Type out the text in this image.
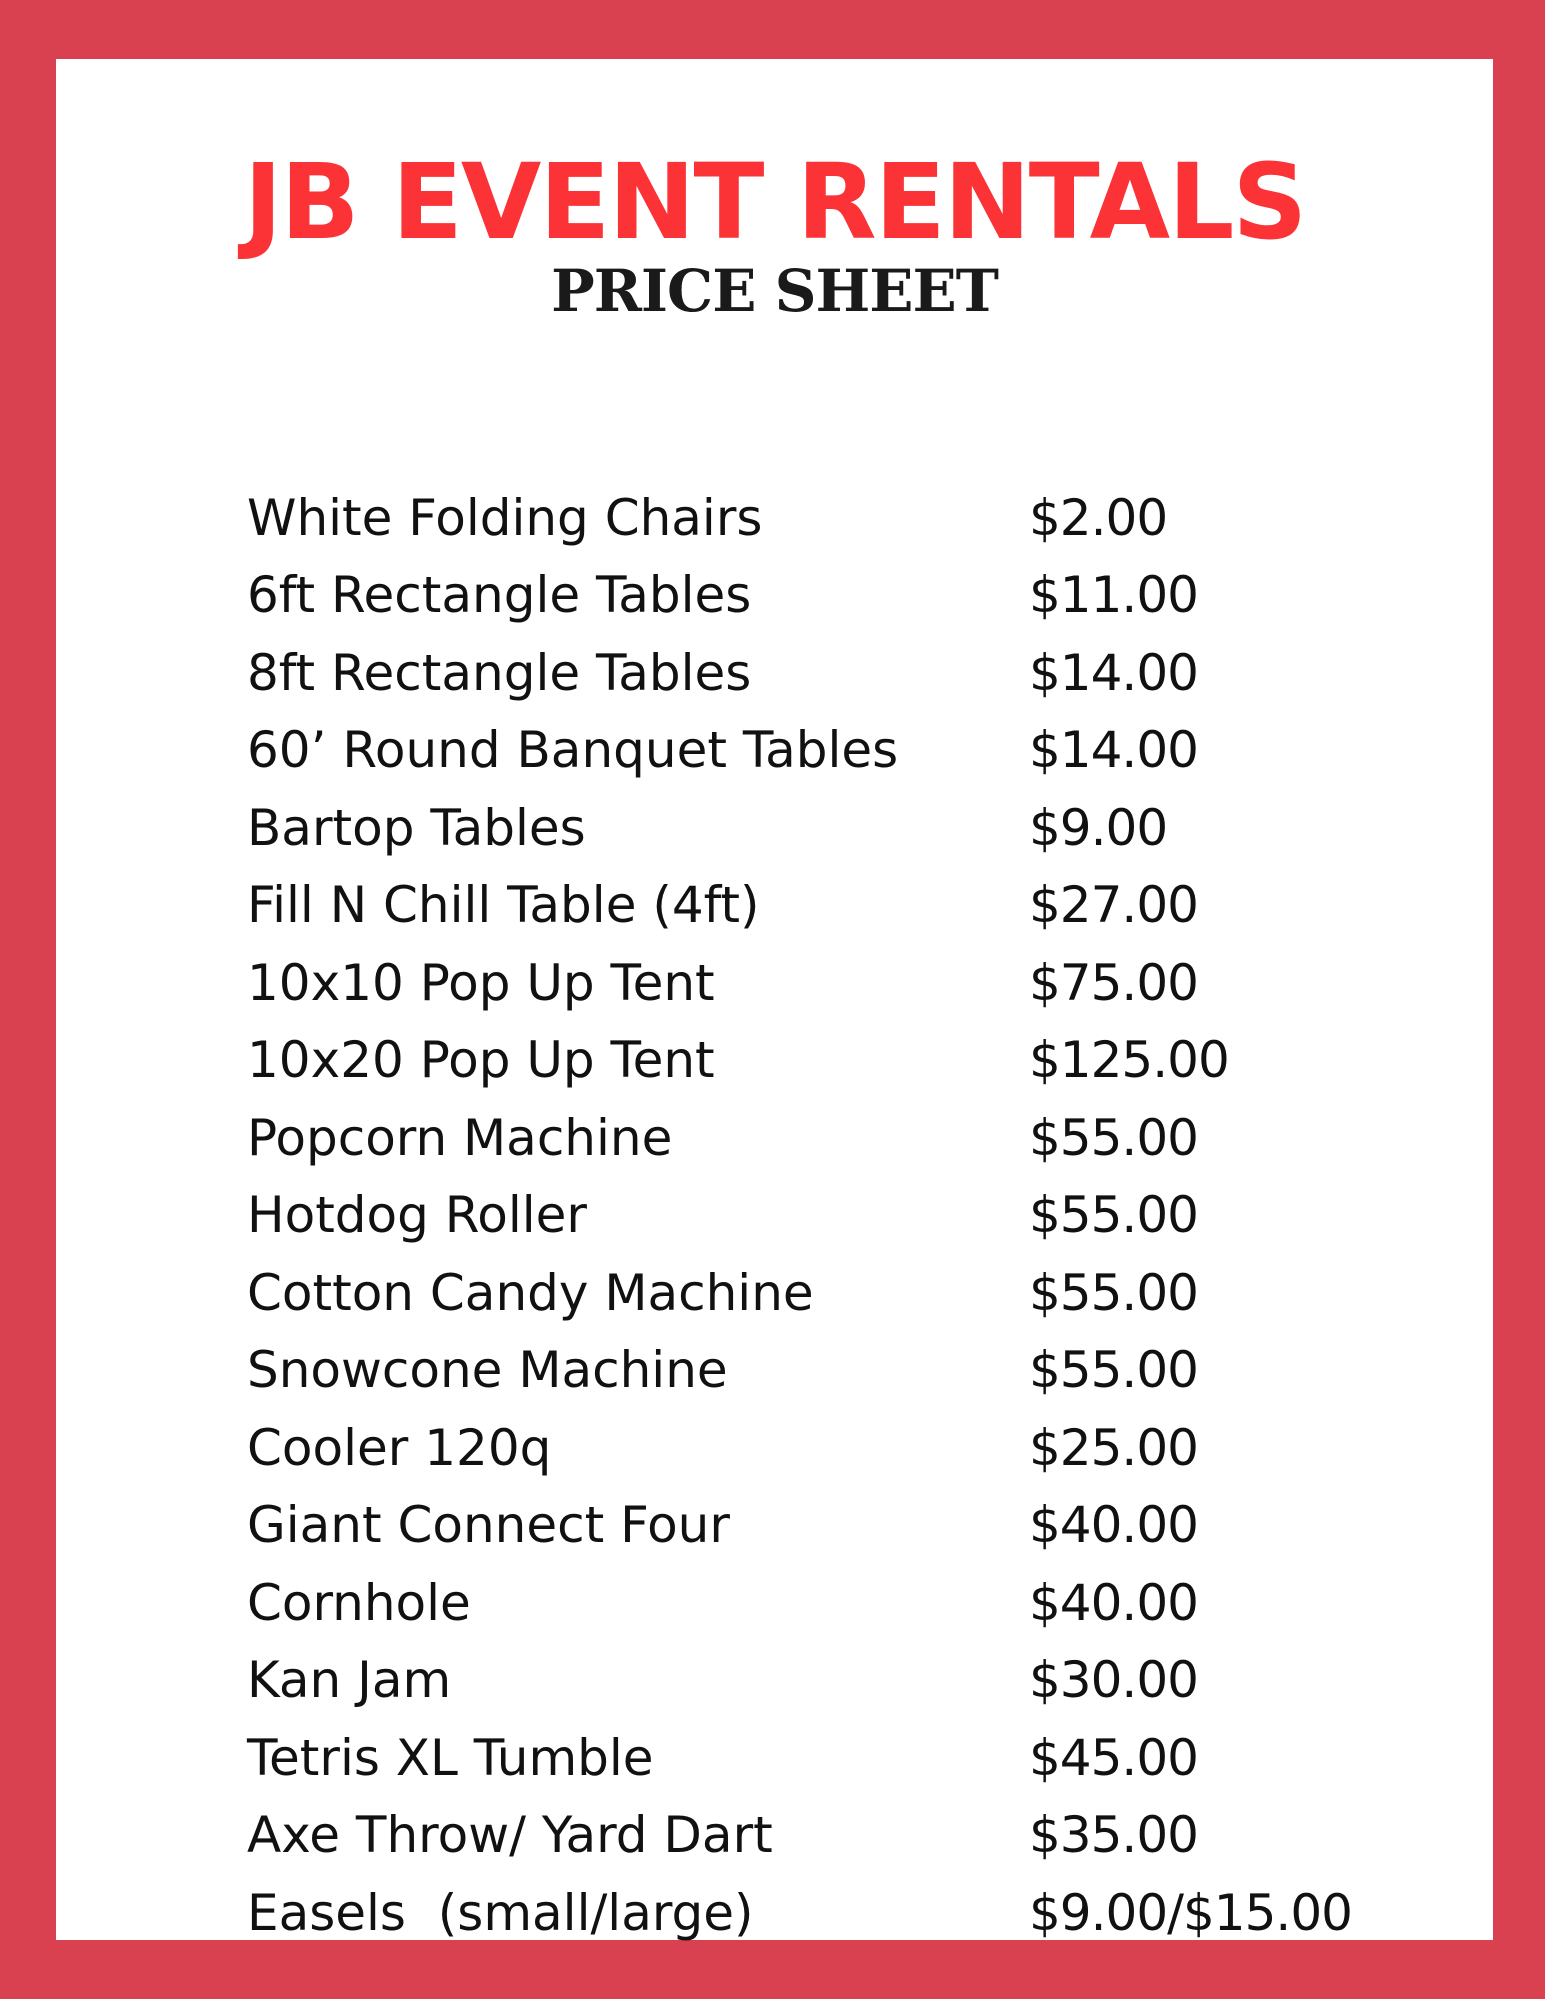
JB EVENT RENTALS
PRICE SHEET
White Folding Chairs	$2.00
6ft Rectangle Tables	$11.00
8ft Rectangle Tables	$14.00
60’ Round Banquet Tables	$14.00
Bartop Tables	$9.00
Fill N Chill Table (4ft)	$27.00
10x10 Pop Up Tent	$75.00
10x20 Pop Up Tent	$125.00
Popcorn Machine	$55.00
Hotdog Roller	$55.00
Cotton Candy Machine	$55.00
Snowcone Machine	$55.00
Cooler 120q	$25.00
Giant Connect Four	$40.00
Cornhole	$40.00
Kan Jam	$30.00
Tetris XL Tumble	$45.00
Axe Throw/ Yard Dart	$35.00
Easels  (small/large)	$9.00/$15.00
